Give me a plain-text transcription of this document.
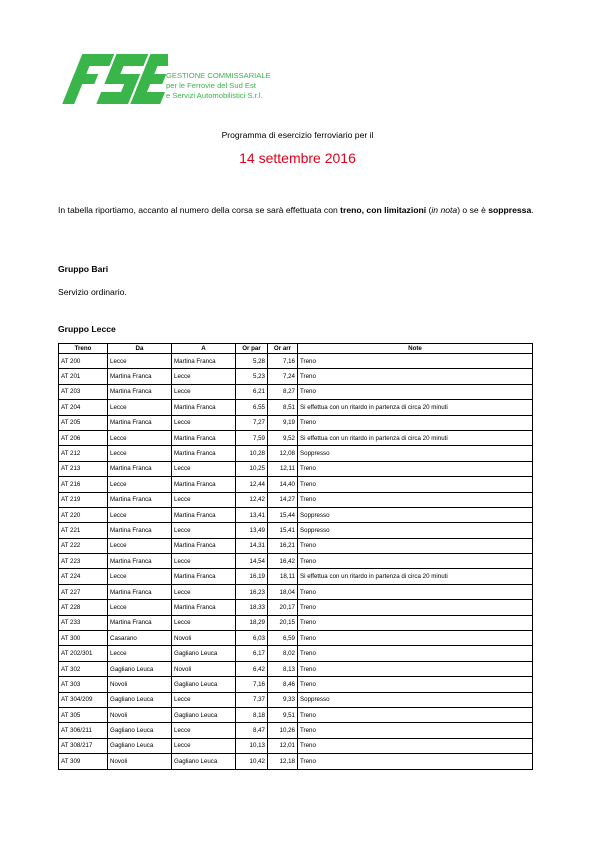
GESTIONE COMMISSARIALE
per le Ferrovie del Sud Est
e Servizi Automobilistici S.r.l.
Programma di esercizio ferroviario per il
14 settembre 2016
In tabella riportiamo, accanto al numero della corsa se sarà effettuata con treno, con limitazioni (in nota) o se è soppressa.
Gruppo Bari
Servizio ordinario.
Gruppo Lecce
Treno	Da	A	Or par	Or arr	Note
AT 200	Lecce	Martina Franca	5,28	7,16	Treno
AT 201	Martina Franca	Lecce	5,23	7,24	Treno
AT 203	Martina Franca	Lecce	6,21	8,27	Treno
AT 204	Lecce	Martina Franca	6,55	8,51	Si effettua con un ritardo in partenza di circa 20 minuti
AT 205	Martina Franca	Lecce	7,27	9,19	Treno
AT 206	Lecce	Martina Franca	7,59	9,52	Si effettua con un ritardo in partenza di circa 20 minuti
AT 212	Lecce	Martina Franca	10,28	12,08	Soppresso
AT 213	Martina Franca	Lecce	10,25	12,11	Treno
AT 216	Lecce	Martina Franca	12,44	14,40	Treno
AT 219	Martina Franca	Lecce	12,42	14,27	Treno
AT 220	Lecce	Martina Franca	13,41	15,44	Soppresso
AT 221	Martina Franca	Lecce	13,49	15,41	Soppresso
AT 222	Lecce	Martina Franca	14,31	16,21	Treno
AT 223	Martina Franca	Lecce	14,54	16,42	Treno
AT 224	Lecce	Martina Franca	16,19	18,11	Si effettua con un ritardo in partenza di circa 20 minuti
AT 227	Martina Franca	Lecce	16,23	18,04	Treno
AT 228	Lecce	Martina Franca	18,33	20,17	Treno
AT 233	Martina Franca	Lecce	18,29	20,15	Treno
AT 300	Casarano	Novoli	6,03	6,59	Treno
AT 202/301	Lecce	Gagliano Leuca	6,17	8,02	Treno
AT 302	Gagliano Leuca	Novoli	6,42	8,13	Treno
AT 303	Novoli	Gagliano Leuca	7,16	8,46	Treno
AT 304/209	Gagliano Leuca	Lecce	7,37	9,33	Soppresso
AT 305	Novoli	Gagliano Leuca	8,18	9,51	Treno
AT 306/211	Gagliano Leuca	Lecce	8,47	10,26	Treno
AT 308/217	Gagliano Leuca	Lecce	10,13	12,01	Treno
AT 309	Novoli	Gagliano Leuca	10,42	12,18	Treno
